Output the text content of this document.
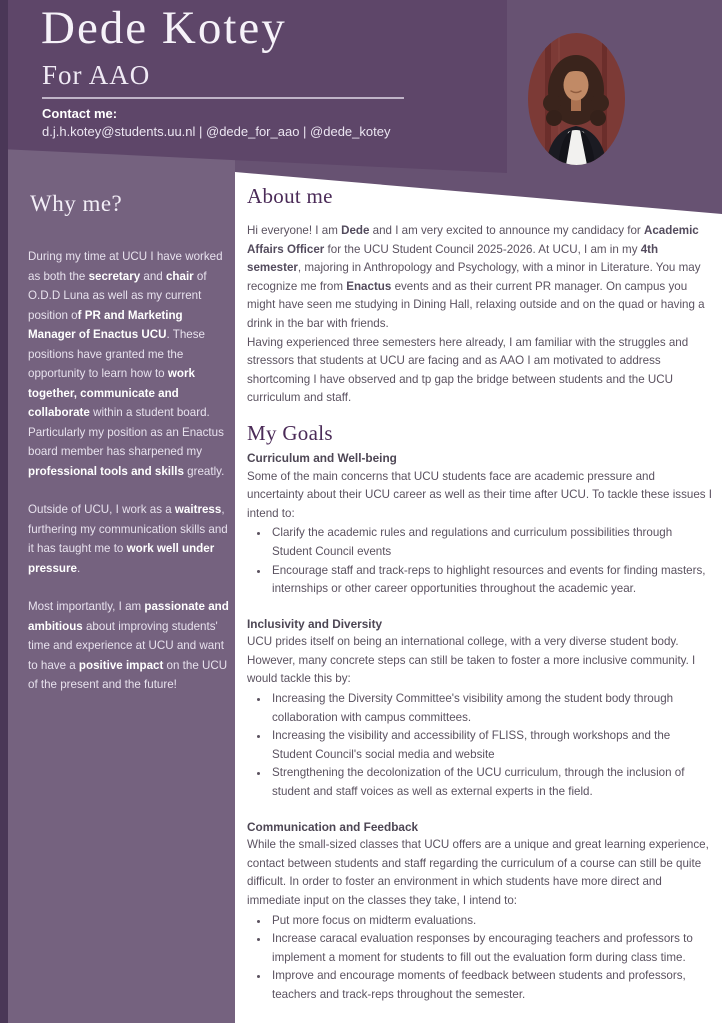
Dede Kotey
For AAO
Contact me:
d.j.h.kotey@students.uu.nl | @dede_for_aao | @dede_kotey
Why me?

During my time at UCU I have worked as both the secretary and chair of O.D.D Luna as well as my current position of PR and Marketing Manager of Enactus UCU. These positions have granted me the opportunity to learn how to work together, communicate and collaborate within a student board. Particularly my position as an Enactus board member has sharpened my professional tools and skills greatly.

Outside of UCU, I work as a waitress, furthering my communication skills and it has taught me to work well under pressure.

Most importantly, I am passionate and ambitious about improving students' time and experience at UCU and want to have a positive impact on the UCU of the present and the future!

About me

Hi everyone! I am Dede and I am very excited to announce my candidacy for Academic Affairs Officer for the UCU Student Council 2025-2026. At UCU, I am in my 4th semester, majoring in Anthropology and Psychology, with a minor in Literature. You may recognize me from Enactus events and as their current PR manager. On campus you might have seen me studying in Dining Hall, relaxing outside and on the quad or having a drink in the bar with friends.
Having experienced three semesters here already, I am familiar with the struggles and stressors that students at UCU are facing and as AAO I am motivated to address shortcoming I have observed and tp gap the bridge between students and the UCU curriculum and staff.

My Goals
Curriculum and Well-being

Some of the main concerns that UCU students face are academic pressure and uncertainty about their UCU career as well as their time after UCU. To tackle these issues I intend to:

• Clarify the academic rules and regulations and curriculum possibilities through Student Council events
• Encourage staff and track-reps to highlight resources and events for finding masters, internships or other career opportunities throughout the academic year.
Inclusivity and Diversity

UCU prides itself on being an international college, with a very diverse student body. However, many concrete steps can still be taken to foster a more inclusive community. I would tackle this by:

• Increasing the Diversity Committee's visibility among the student body through collaboration with campus committees.
• Increasing the visibility and accessibility of FLISS, through workshops and the Student Council's social media and website
• Strengthening the decolonization of the UCU curriculum, through the inclusion of student and staff voices as well as external experts in the field.
Communication and Feedback

While the small-sized classes that UCU offers are a unique and great learning experience, contact between students and staff regarding the curriculum of a course can still be quite difficult. In order to foster an environment in which students have more direct and immediate input on the classes they take, I intend to:

• Put more focus on midterm evaluations.
• Increase caracal evaluation responses by encouraging teachers and professors to implement a moment for students to fill out the evaluation form during class time.
• Improve and encourage moments of feedback between students and professors, teachers and track-reps throughout the semester.
